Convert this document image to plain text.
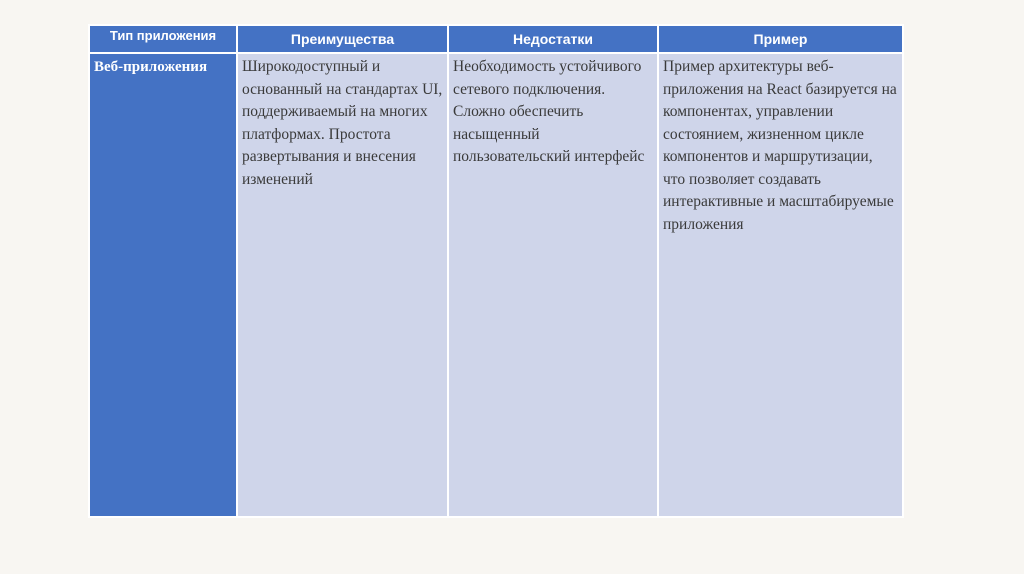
Тип приложения	Преимущества	Недостатки	Пример
Веб-приложения	Широкодоступный и основанный на стандартах UI, поддерживаемый на многих платформах. Простота развертывания и внесения изменений	Необходимость устойчивого сетевого подключения. Сложно обеспечить насыщенный пользовательский интерфейс	Пример архитектуры веб-приложения на React базируется на компонентах, управлении состоянием, жизненном цикле компонентов и маршрутизации, что позволяет создавать интерактивные и масштабируемые приложения
